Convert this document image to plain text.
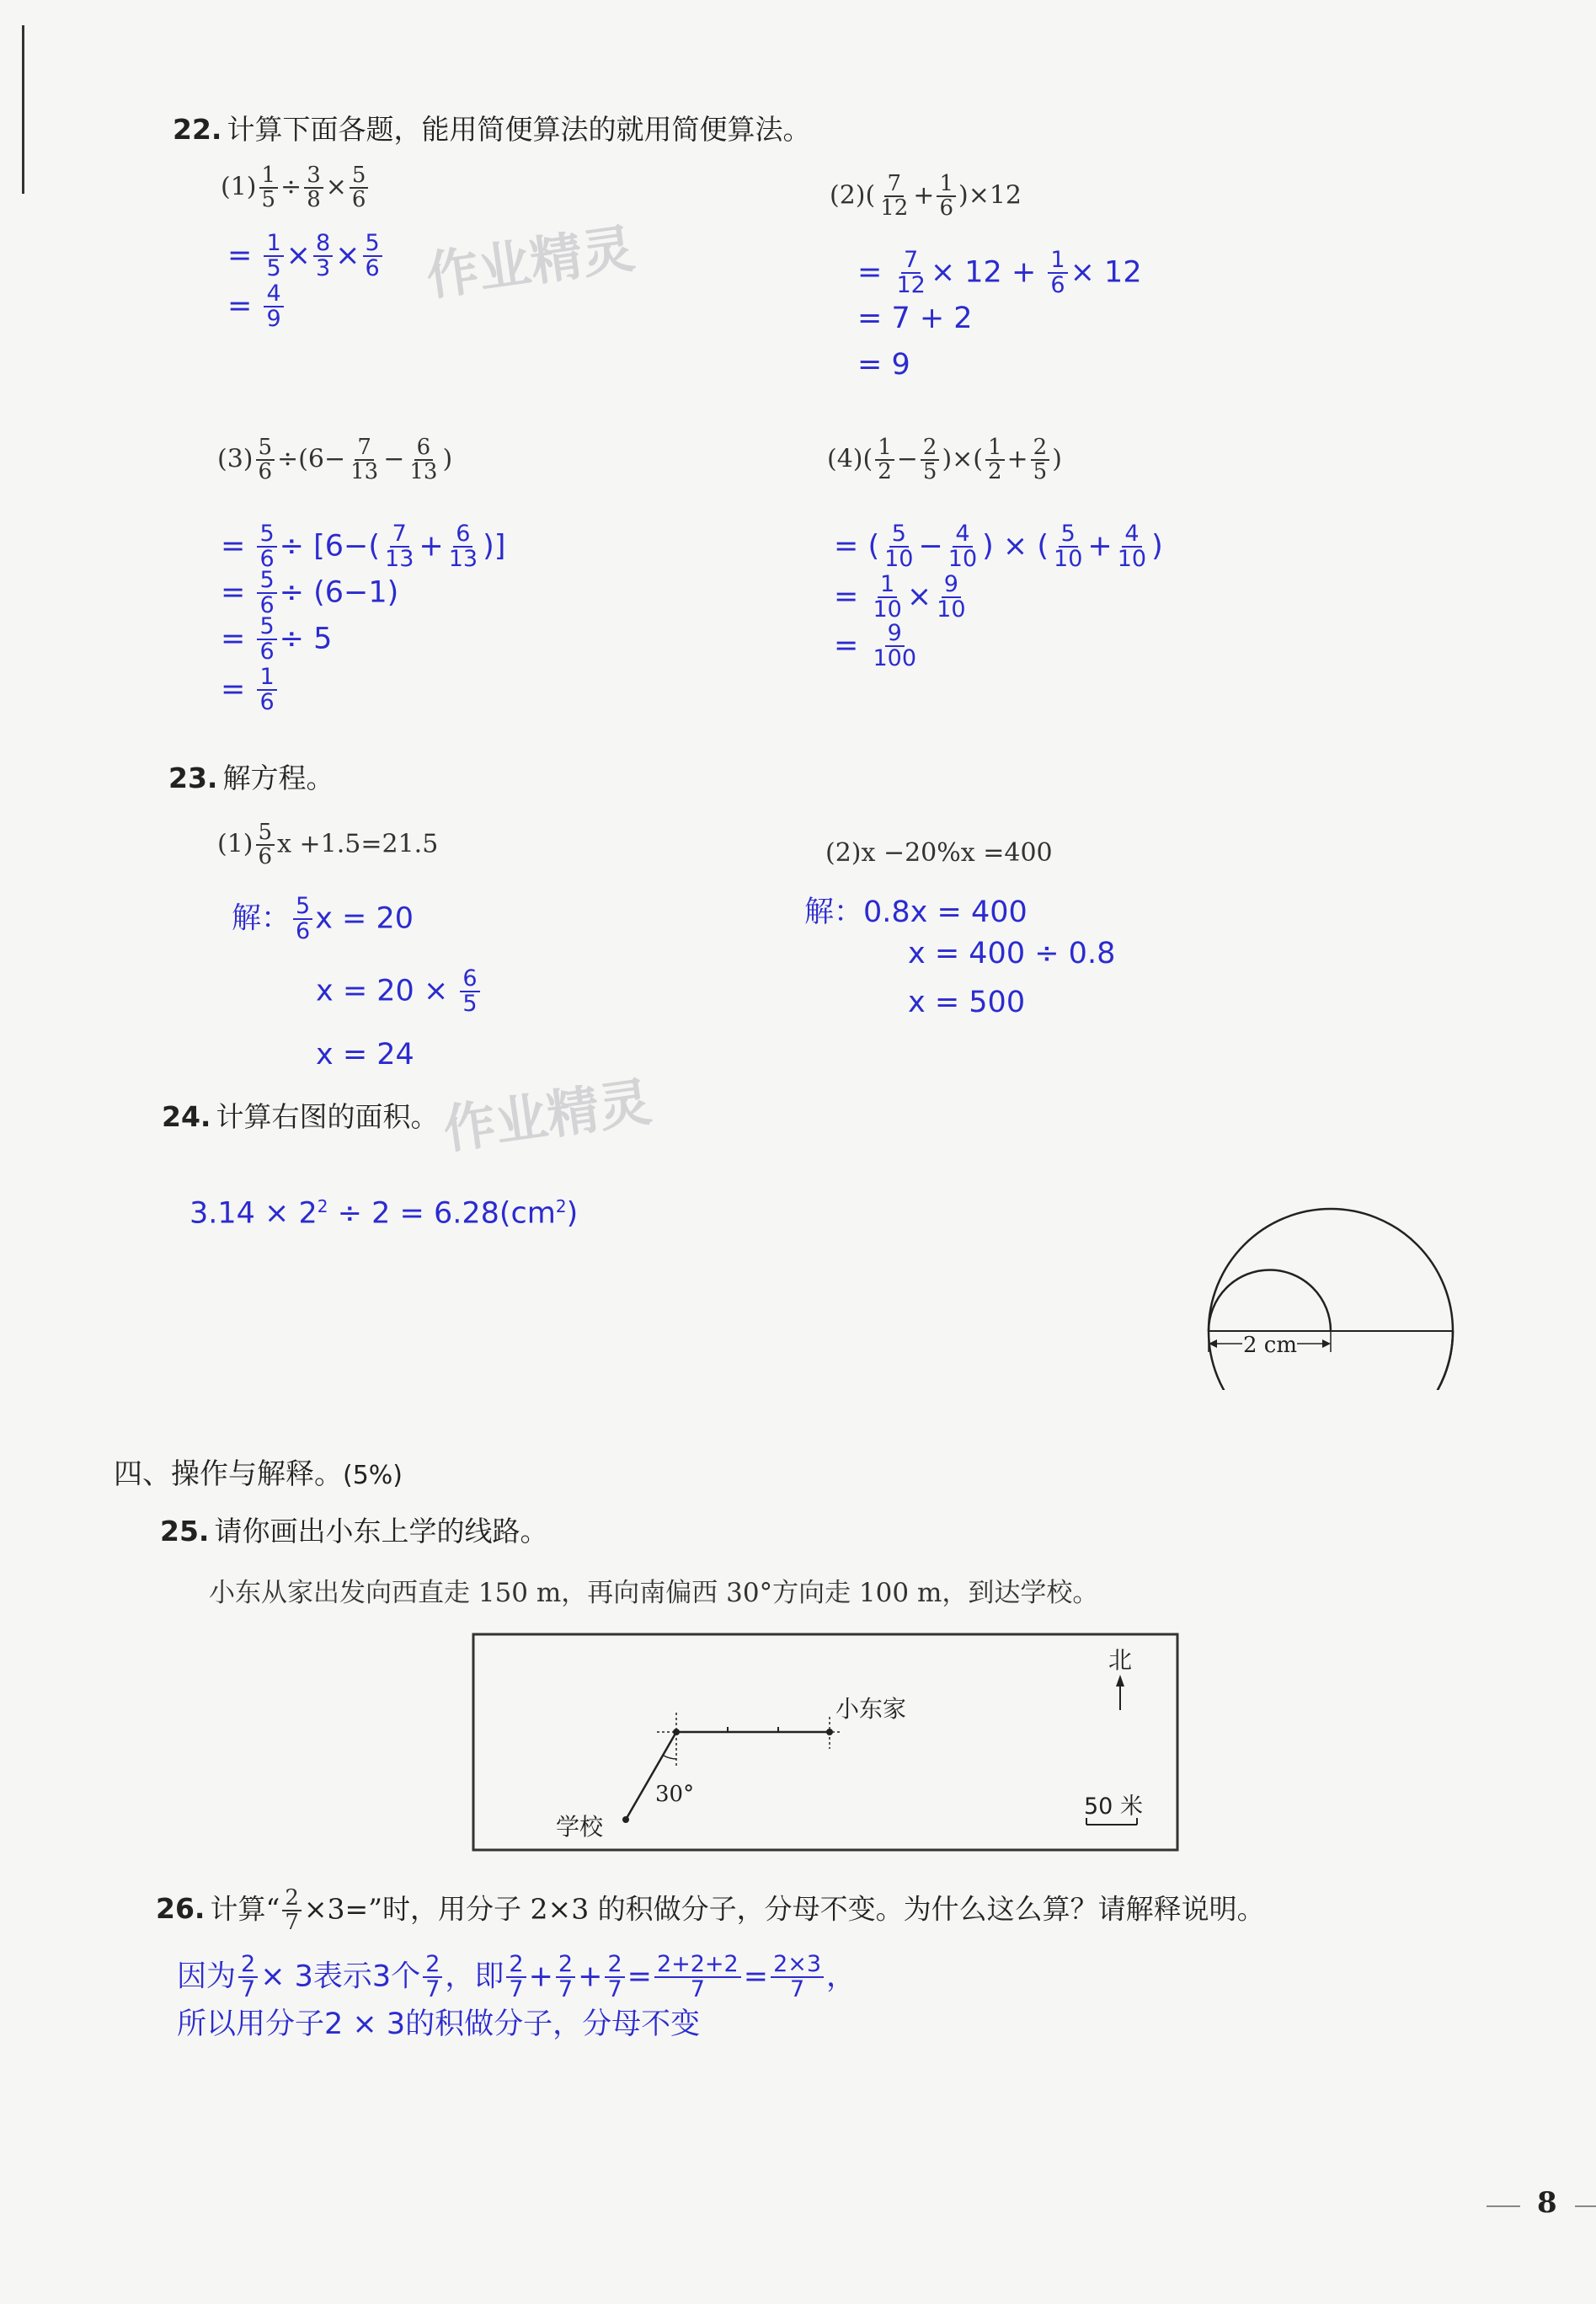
22. 计算下面各题，能用简便算法的就用简便算法。
$(1) \frac{1}{5} \div \frac{3}{8} \times \frac{5}{6}$
= $\frac{1}{5} \times \frac{8}{3} \times \frac{5}{6}$
= $\frac{4}{9}$	作业精灵
$(2)( \frac{7}{12} + \frac{1}{6} )\times 12$
= $\frac{7}{12} \times 12 + \frac{1}{6} \times 12$
= 7 + 2
= 9
$(3) \frac{5}{6} \div(6- \frac{7}{13} - \frac{6}{13}$ )
= $\frac{5}{6} \div [6-( \frac{7}{13} + \frac{6}{13}$ )]
= $\frac{5}{6} \div (6-1)$
= $\frac{5}{6} \div 5$
= $\frac{1}{6}$
$(4)( \frac{1}{2} - \frac{2}{5}$ )×( $\frac{1}{2} + \frac{2}{5}$ )
= ( $\frac{5}{10} - \frac{4}{10}$ ) × ( $\frac{5}{10} + \frac{4}{10}$ )
= $\frac{1}{10} \times \frac{9}{10}$
= $\frac{9}{100}$
23. 解方程。
$(1) \frac{5}{6}$ x +1.5=21.5
解： $\frac{5}{6}$ x = 20
$x = 20 \times \frac{6}{5}$
x = 24
(2)x −20%x =400
解：0.8x = 400
x = 400 ÷ 0.8
x = 500
24. 计算右图的面积。 作业精灵
$3.14 \times 2^2 \div 2 = 6.28(cm^2)$
2 cm
四、操作与解释。(5%)
25. 请你画出小东上学的线路。
小东从家出发向西直走 150 m，再向南偏西 30°方向走 100 m，到达学校。
北
小东家
30°
学校
50 米
26. 计算“ $\frac{2}{7} \times 3=$”时，用分子 2×3 的积做分子，分母不变。为什么这么算？请解释说明。
因为 $\frac{2}{7} \times 3$表示3个 $\frac{2}{7}$ ，即 $\frac{2}{7} + \frac{2}{7} + \frac{2}{7} = \frac{2+2+2}{7} = \frac{2\times 3}{7}$ ，
所以用分子2 × 3的积做分子，分母不变
8
